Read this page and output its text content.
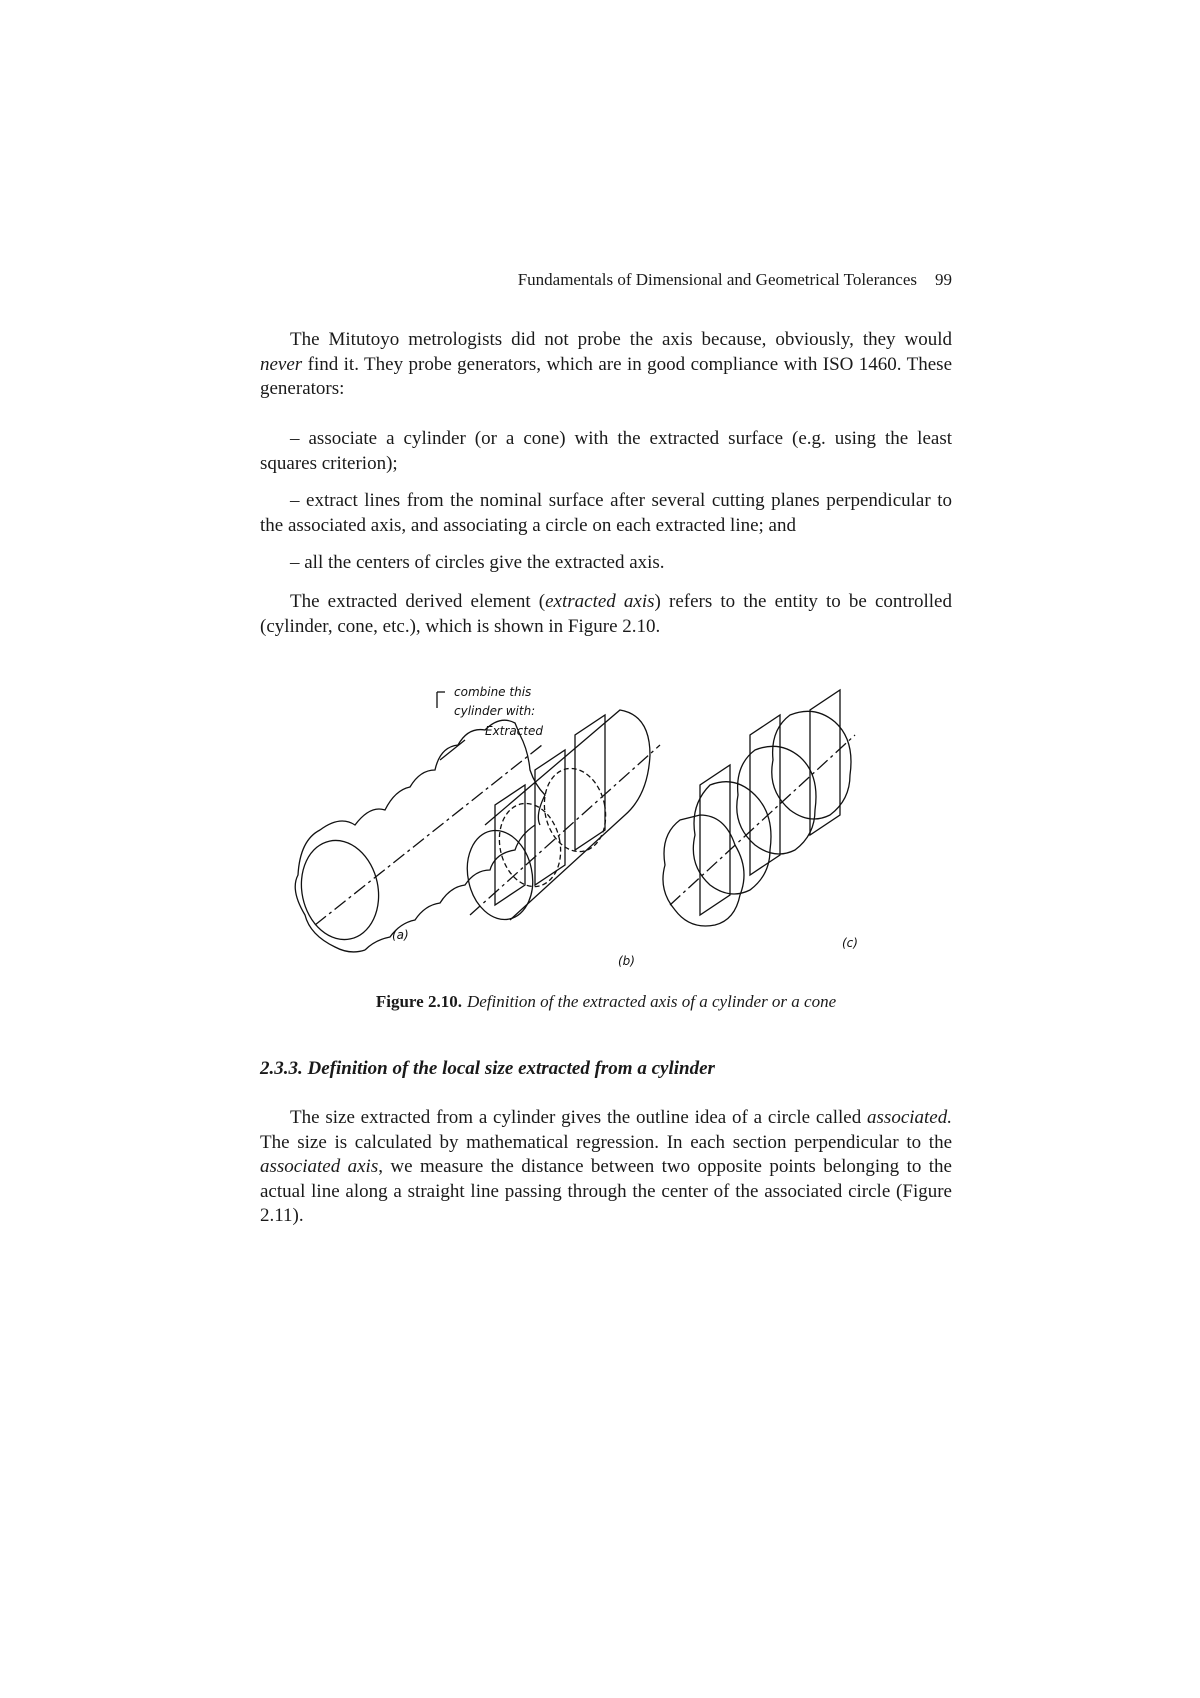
Fundamentals of Dimensional and Geometrical Tolerances 99

The Mitutoyo metrologists did not probe the axis because, obviously, they would never find it. They probe generators, which are in good compliance with ISO 1460. These generators:

– associate a cylinder (or a cone) with the extracted surface (e.g. using the least squares criterion);

– extract lines from the nominal surface after several cutting planes perpendicular to the associated axis, and associating a circle on each extracted line; and

– all the centers of circles give the extracted axis.

The extracted derived element (extracted axis) refers to the entity to be controlled (cylinder, cone, etc.), which is shown in Figure 2.10.

combine this
cylinder with:
Extracted
(a)
(b)
(c)
Figure 2.10. Definition of the extracted axis of a cylinder or a cone
2.3.3. Definition of the local size extracted from a cylinder

The size extracted from a cylinder gives the outline idea of a circle called associated. The size is calculated by mathematical regression. In each section perpendicular to the associated axis, we measure the distance between two opposite points belonging to the actual line along a straight line passing through the center of the associated circle (Figure 2.11).
